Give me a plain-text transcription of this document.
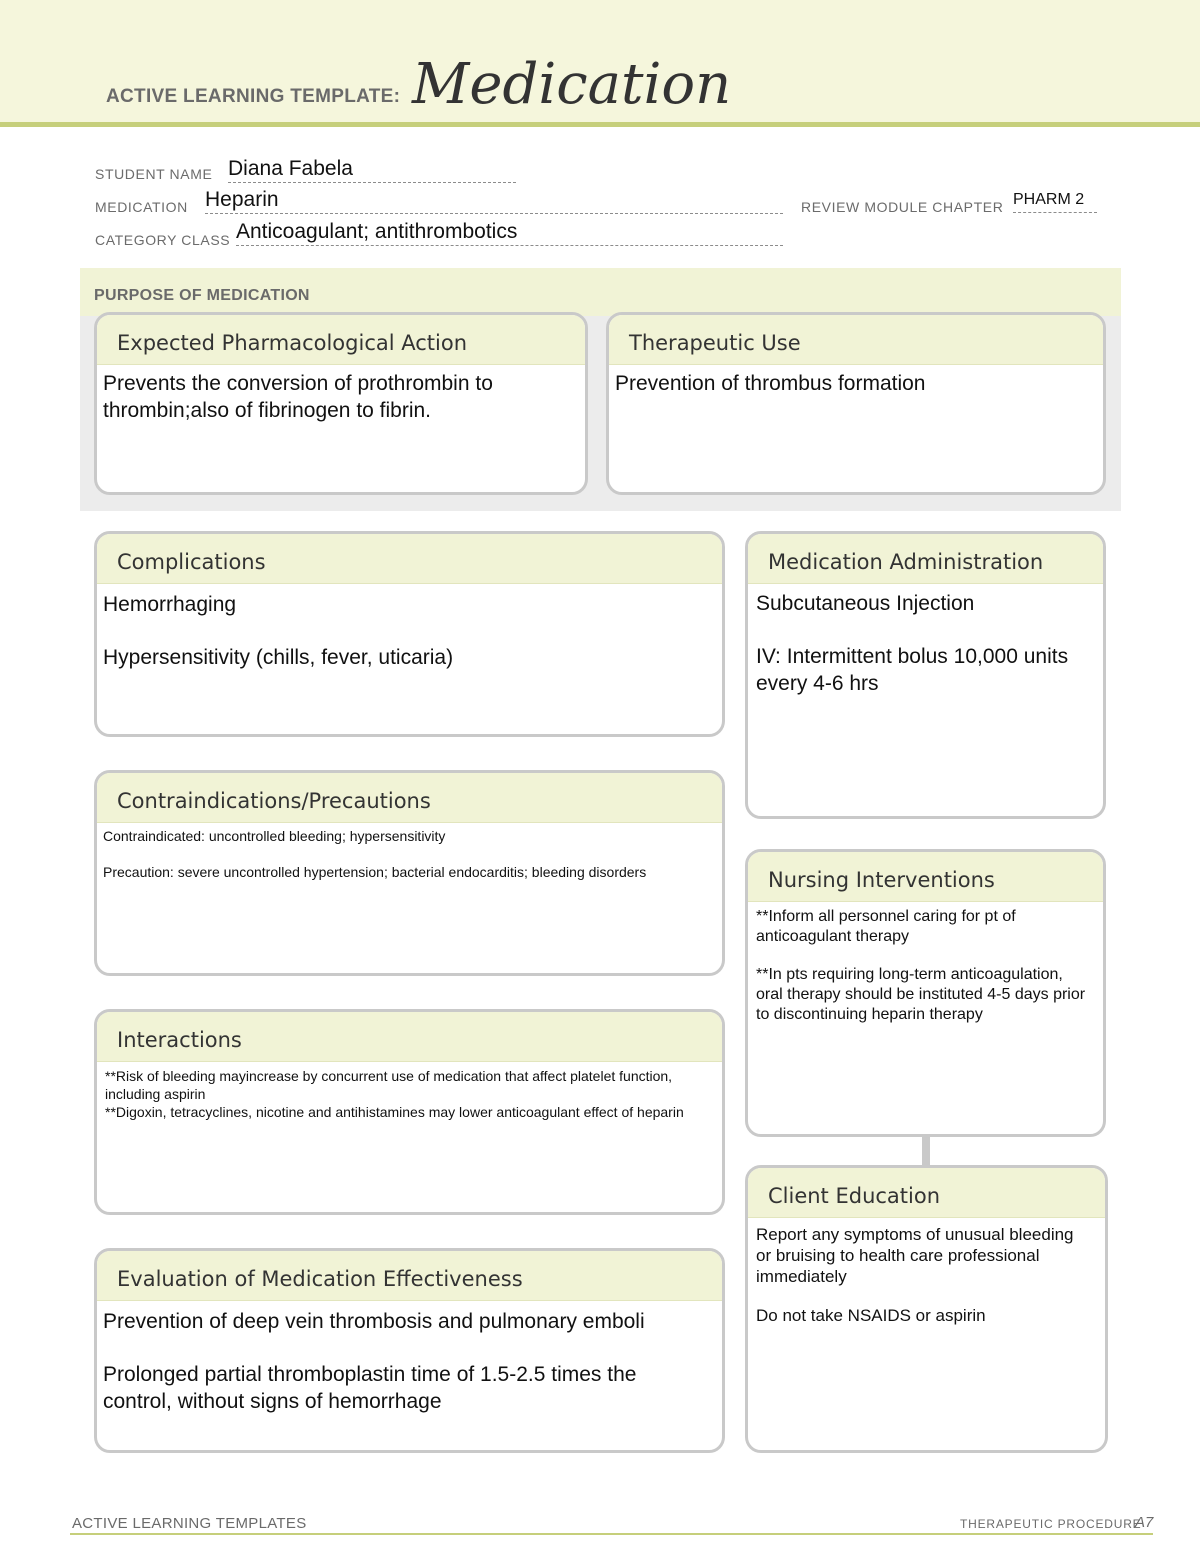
ACTIVE LEARNING TEMPLATE: Medication
STUDENT NAME Diana Fabela
MEDICATION Heparin	REVIEW MODULE CHAPTER PHARM 2
CATEGORY CLASS Anticoagulant; antithrombotics
PURPOSE OF MEDICATION
Expected Pharmacological Action
Prevents the conversion of prothrombin to thrombin;also of fibrinogen to fibrin.
Therapeutic Use
Prevention of thrombus formation
Complications
Hemorrhaging
Hypersensitivity (chills, fever, uticaria)
Medication Administration
Subcutaneous Injection
IV: Intermittent bolus 10,000 units every 4-6 hrs
Contraindications/Precautions
Contraindicated: uncontrolled bleeding; hypersensitivity
Precaution: severe uncontrolled hypertension; bacterial endocarditis; bleeding disorders	Nursing Interventions
**Inform all personnel caring for pt of anticoagulant therapy
**In pts requiring long-term anticoagulation, oral therapy should be instituted 4-5 days prior to discontinuing heparin therapy
Interactions
**Risk of bleeding mayincrease by concurrent use of medication that affect platelet function, including aspirin
**Digoxin, tetracyclines, nicotine and antihistamines may lower anticoagulant effect of heparin
Client Education
Report any symptoms of unusual bleeding or bruising to health care professional immediately
Do not take NSAIDS or aspirin
Evaluation of Medication Effectiveness
Prevention of deep vein thrombosis and pulmonary emboli
Prolonged partial thromboplastin time of 1.5-2.5 times the control, without signs of hemorrhage
ACTIVE LEARNING TEMPLATES	THERAPEUTIC PROCEDURE
A7
